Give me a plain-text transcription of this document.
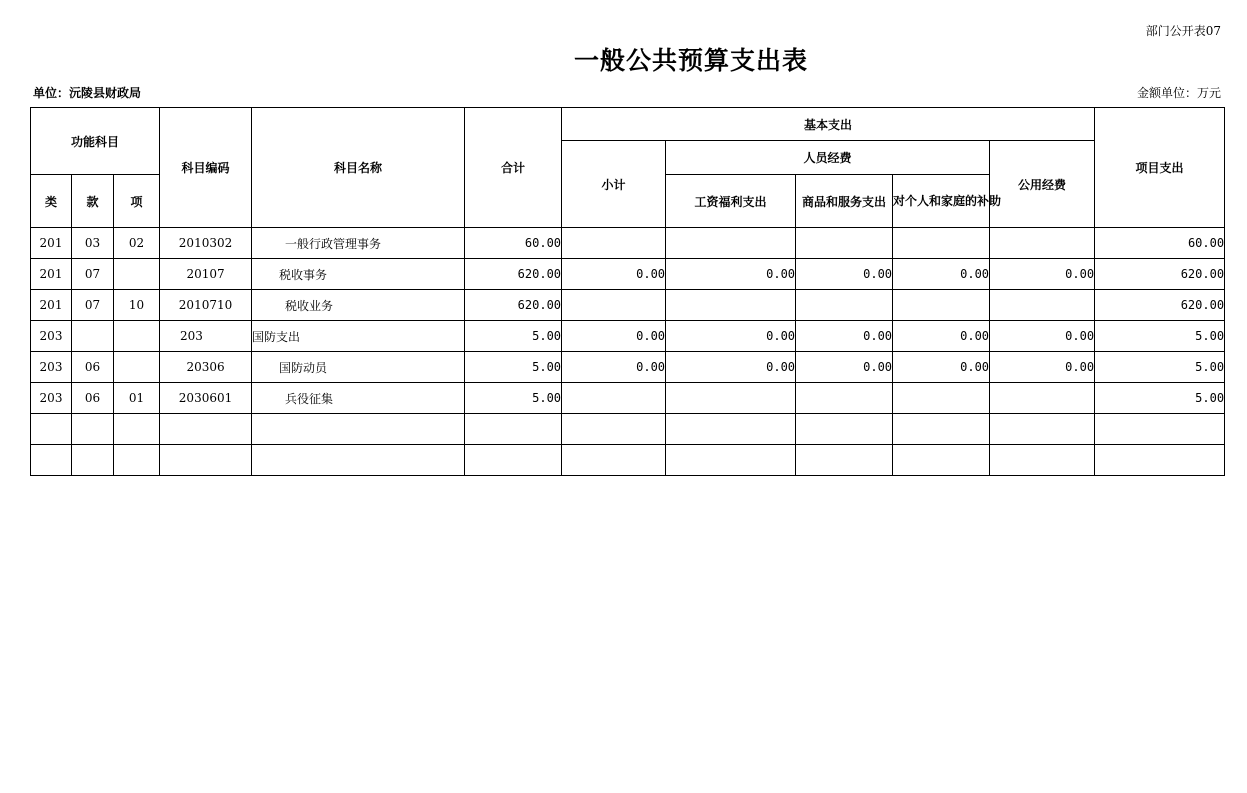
部门公开表07
一般公共预算支出表
单位：沅陵县财政局	金额单位：万元
功能科目			科目编码	科目名称	合计	基本支出					项目支出
						小计	人员经费			公用经费	
类	款	项					工资福利支出	商品和服务支出	对个人和家庭的补助		
201	03	02	2010302	一般行政管理事务	60.00						60.00
201	07		20107	税收事务	620.00	0.00	0.00	0.00	0.00	0.00	620.00
201	07	10	2010710	税收业务	620.00						620.00
203			203	国防支出	5.00	0.00	0.00	0.00	0.00	0.00	5.00
203	06		20306	国防动员	5.00	0.00	0.00	0.00	0.00	0.00	5.00
203	06	01	2030601	兵役征集	5.00						5.00
